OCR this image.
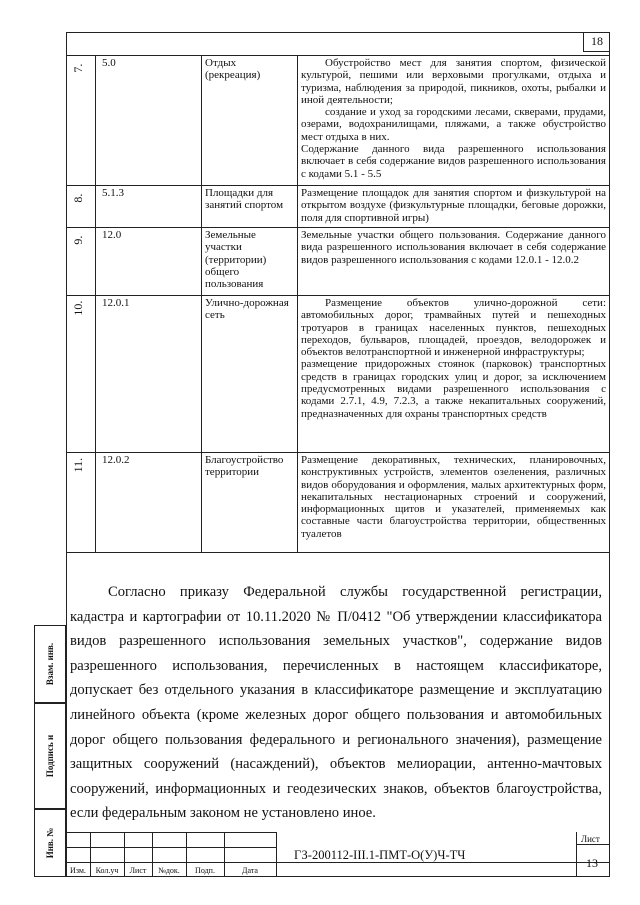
18
7.	5.0	Отдых (рекреация)	Обустройство мест для занятия спортом, физической культурой, пешими или верховыми прогулками, отдыха и туризма, наблюдения за природой, пикников, охоты, рыбалки и иной деятельности;
создание и уход за городскими лесами, скверами, прудами, озерами, водохранилищами, пляжами, а также обустройство мест отдыха в них.
Содержание данного вида разрешенного использования включает в себя содержание видов разрешенного использования с кодами 5.1 - 5.5

8.	5.1.3	Площадки для занятий спортом	Размещение площадок для занятия спортом и физкультурой на открытом воздухе (физкультурные площадки, беговые дорожки, поля для спортивной игры)

9.	12.0	Земельные участки (территории) общего пользования	Земельные участки общего пользования. Содержание данного вида разрешенного использования включает в себя содержание видов разрешенного использования с кодами 12.0.1 - 12.0.2

10.	12.0.1	Улично-дорожная сеть	Размещение объектов улично-дорожной сети: автомобильных дорог, трамвайных путей и пешеходных тротуаров в границах населенных пунктов, пешеходных переходов, бульваров, площадей, проездов, велодорожек и объектов велотранспортной и инженерной инфраструктуры;
размещение придорожных стоянок (парковок) транспортных средств в границах городских улиц и дорог, за исключением предусмотренных видами разрешенного использования с кодами 2.7.1, 4.9, 7.2.3, а также некапитальных сооружений, предназначенных для охраны транспортных средств

11.	12.0.2	Благоустройство территории	Размещение декоративных, технических, планировочных, конструктивных устройств, элементов озеленения, различных видов оборудования и оформления, малых архитектурных форм, некапитальных нестационарных строений и сооружений, информационных щитов и указателей, применяемых как составные части благоустройства территории, общественных туалетов

Согласно приказу Федеральной службы государственной регистрации, кадастра и картографии от 10.11.2020 № П/0412 "Об утверждении классификатора видов разрешенного использования земельных участков", содержание видов разрешенного использования, перечисленных в настоящем классификаторе, допускает без отдельного указания в классификаторе размещение и эксплуатацию линейного объекта (кроме железных дорог общего пользования и автомобильных дорог общего пользования федерального и регионального значения), размещение защитных сооружений (насаждений), объектов мелиорации, антенно-мачтовых сооружений, информационных и геодезических знаков, объектов благоустройства, если федеральным законом не установлено иное.

Взам. инв.
Подпись и
Инв. №
Изм.	Кол.уч	Лист	№док.	Подп.	Дата
ГЗ-200112-III.1-ПМТ-О(У)Ч-ТЧ
Лист
13
